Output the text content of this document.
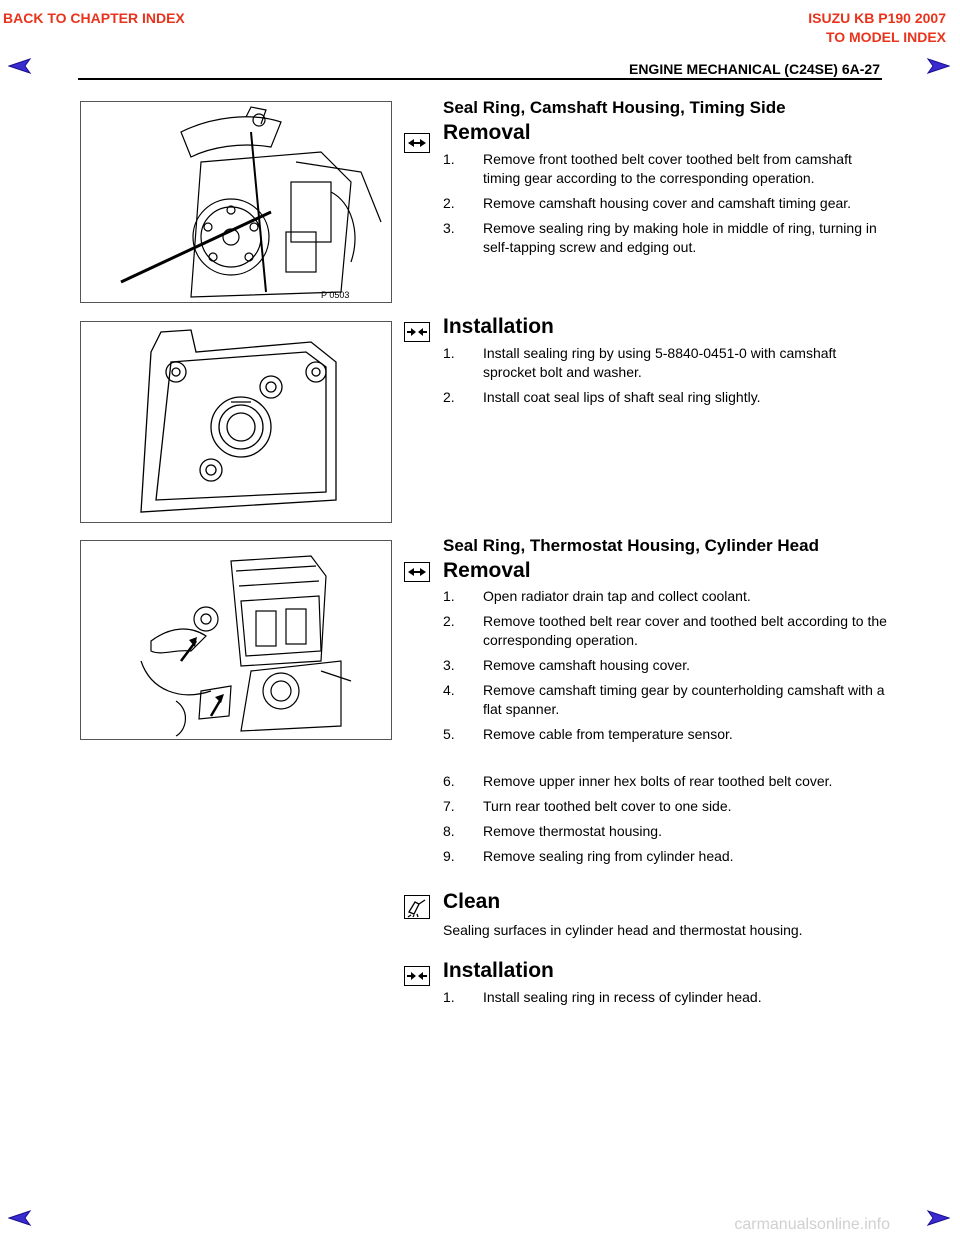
BACK TO CHAPTER INDEX	ISUZU KB P190 2007
TO MODEL INDEX
ENGINE MECHANICAL (C24SE) 6A-27
P 0503
Seal Ring, Camshaft Housing, Timing Side
Removal
1. Remove front toothed belt cover toothed belt from camshaft timing gear according to the corresponding operation.
2. Remove camshaft housing cover and camshaft timing gear.
3. Remove sealing ring by making hole in middle of ring, turning in self-tapping screw and edging out.
Installation
1. Install sealing ring by using 5-8840-0451-0 with camshaft sprocket bolt and washer.
2. Install coat seal lips of shaft seal ring slightly.
Seal Ring, Thermostat Housing, Cylinder Head
Removal
1. Open radiator drain tap and collect coolant.
2. Remove toothed belt rear cover and toothed belt according to the corresponding operation.
3. Remove camshaft housing cover.
4. Remove camshaft timing gear by counterholding camshaft with a flat spanner.
5. Remove cable from temperature sensor.
6. Remove upper inner hex bolts of rear toothed belt cover.
7. Turn rear toothed belt cover to one side.
8. Remove thermostat housing.
9. Remove sealing ring from cylinder head.
Clean
Sealing surfaces in cylinder head and thermostat housing.
Installation
1. Install sealing ring in recess of cylinder head.
carmanualsonline.info
